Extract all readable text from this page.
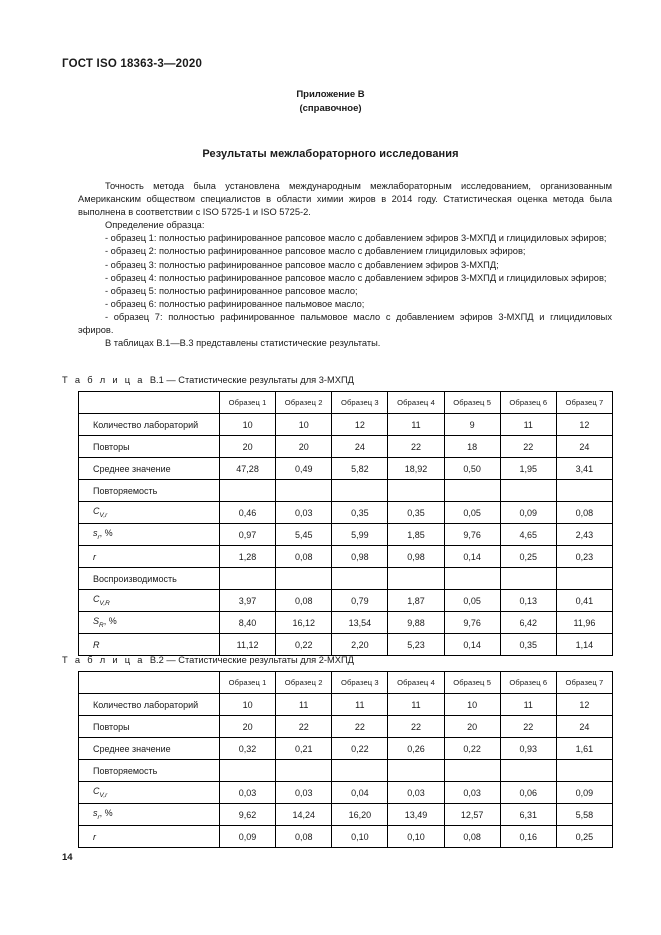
ГОСТ ISO 18363-3—2020
Приложение В
(справочное)
Результаты межлабораторного исследования

Точность метода была установлена международным межлабораторным исследованием, организованным Американским обществом специалистов в области химии жиров в 2014 году. Статистическая оценка метода была выполнена в соответствии с ISO 5725-1 и ISO 5725-2.

Определение образца:

- образец 1: полностью рафинированное рапсовое масло с добавлением эфиров 3-МХПД и глицидиловых эфиров;

- образец 2: полностью рафинированное рапсовое масло с добавлением глицидиловых эфиров;

- образец 3: полностью рафинированное рапсовое масло с добавлением эфиров 3-МХПД;

- образец 4: полностью рафинированное рапсовое масло с добавлением эфиров 3-МХПД и глицидиловых эфиров;

- образец 5: полностью рафинированное рапсовое масло;

- образец 6: полностью рафинированное пальмовое масло;

- образец 7: полностью рафинированное пальмовое масло с добавлением эфиров 3-МХПД и глицидиловых эфиров.

В таблицах В.1—В.3 представлены статистические результаты.

Т а б л и ц а В.1 — Статистические результаты для 3-МХПД
	Образец 1	Образец 2	Образец 3	Образец 4	Образец 5	Образец 6	Образец 7
Количество лабораторий	10	10	12	11	9	11	12
Повторы	20	20	24	22	18	22	24
Среднее значение	47,28	0,49	5,82	18,92	0,50	1,95	3,41
Повторяемость							
$C_{V,r}$	0,46	0,03	0,35	0,35	0,05	0,09	0,08
$s_r$, %	0,97	5,45	5,99	1,85	9,76	4,65	2,43
r	1,28	0,08	0,98	0,98	0,14	0,25	0,23
Воспроизводимость							
$C_{V,R}$	3,97	0,08	0,79	1,87	0,05	0,13	0,41
$S_R$, %	8,40	16,12	13,54	9,88	9,76	6,42	11,96
R	11,12	0,22	2,20	5,23	0,14	0,35	1,14
Т а б л и ц а В.2 — Статистические результаты для 2-МХПД
	Образец 1	Образец 2	Образец 3	Образец 4	Образец 5	Образец 6	Образец 7
Количество лабораторий	10	11	11	11	10	11	12
Повторы	20	22	22	22	20	22	24
Среднее значение	0,32	0,21	0,22	0,26	0,22	0,93	1,61
Повторяемость							
$C_{V,r}$	0,03	0,03	0,04	0,03	0,03	0,06	0,09
$s_r$, %	9,62	14,24	16,20	13,49	12,57	6,31	5,58
r	0,09	0,08	0,10	0,10	0,08	0,16	0,25
14
